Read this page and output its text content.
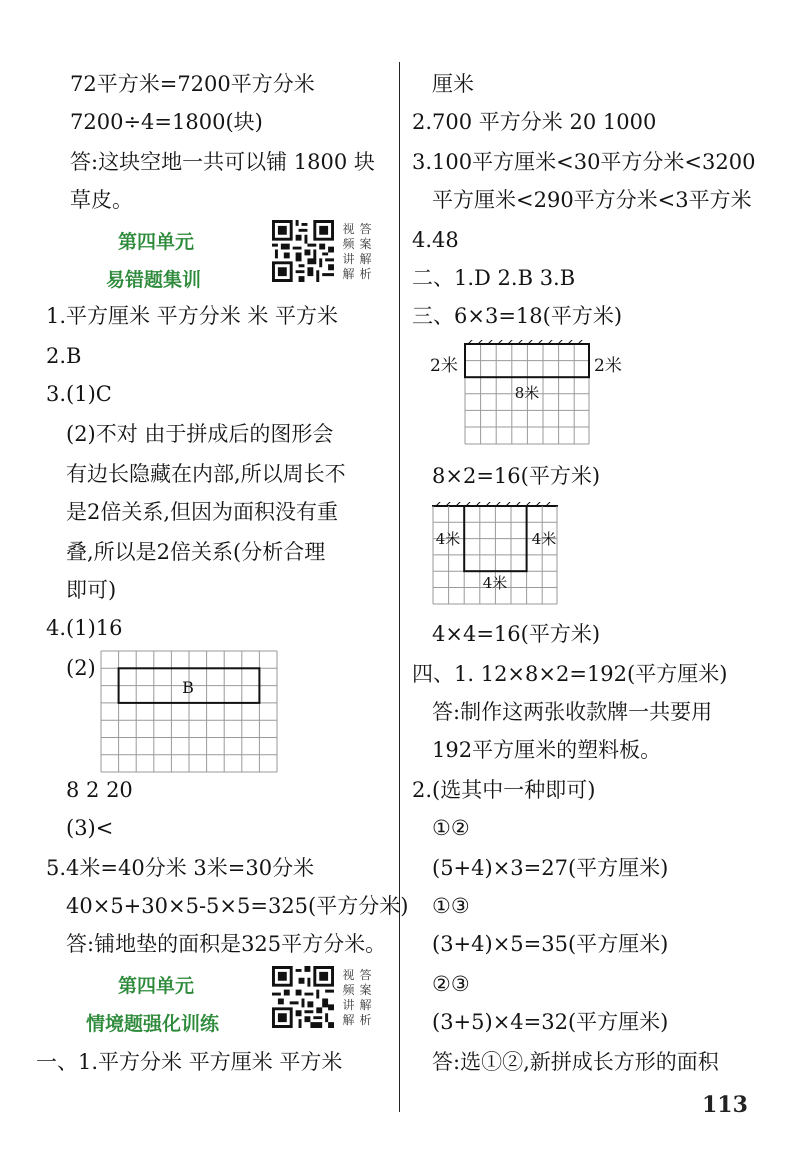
72平方米=7200平方分米
7200÷4=1800(块)
答:这块空地一共可以铺 1800 块
草皮。
第四单元
易错题集训
视 答
频 案
讲 解
解 析
1.平方厘米 平方分米 米 平方米
2.B
3.(1)C
(2)不对 由于拼成后的图形会
有边长隐藏在内部,所以周长不
是2倍关系,但因为面积没有重
叠,所以是2倍关系(分析合理
即可)
4.(1)16
(2)
B
8 2 20
(3)<
5.4米=40分米 3米=30分米
40×5+30×5-5×5=325(平方分米)
答:铺地垫的面积是325平方分米。
第四单元
情境题强化训练
视 答
频 案
讲 解
解 析
一、1.平方分米 平方厘米 平方米
厘米
2.700 平方分米 20 1000
3.100平方厘米<30平方分米<3200
平方厘米<290平方分米<3平方米
4.48
二、1.D 2.B 3.B
三、6×3=18(平方米)
2米	2米
8米
8×2=16(平方米)
4米
4米	4米
4×4=16(平方米)
四、1. 12×8×2=192(平方厘米)
答:制作这两张收款牌一共要用
192平方厘米的塑料板。
2.(选其中一种即可)
①②
(5+4)×3=27(平方厘米)
①③
(3+4)×5=35(平方厘米)
②③
(3+5)×4=32(平方厘米)
答:选①②,新拼成长方形的面积
113
